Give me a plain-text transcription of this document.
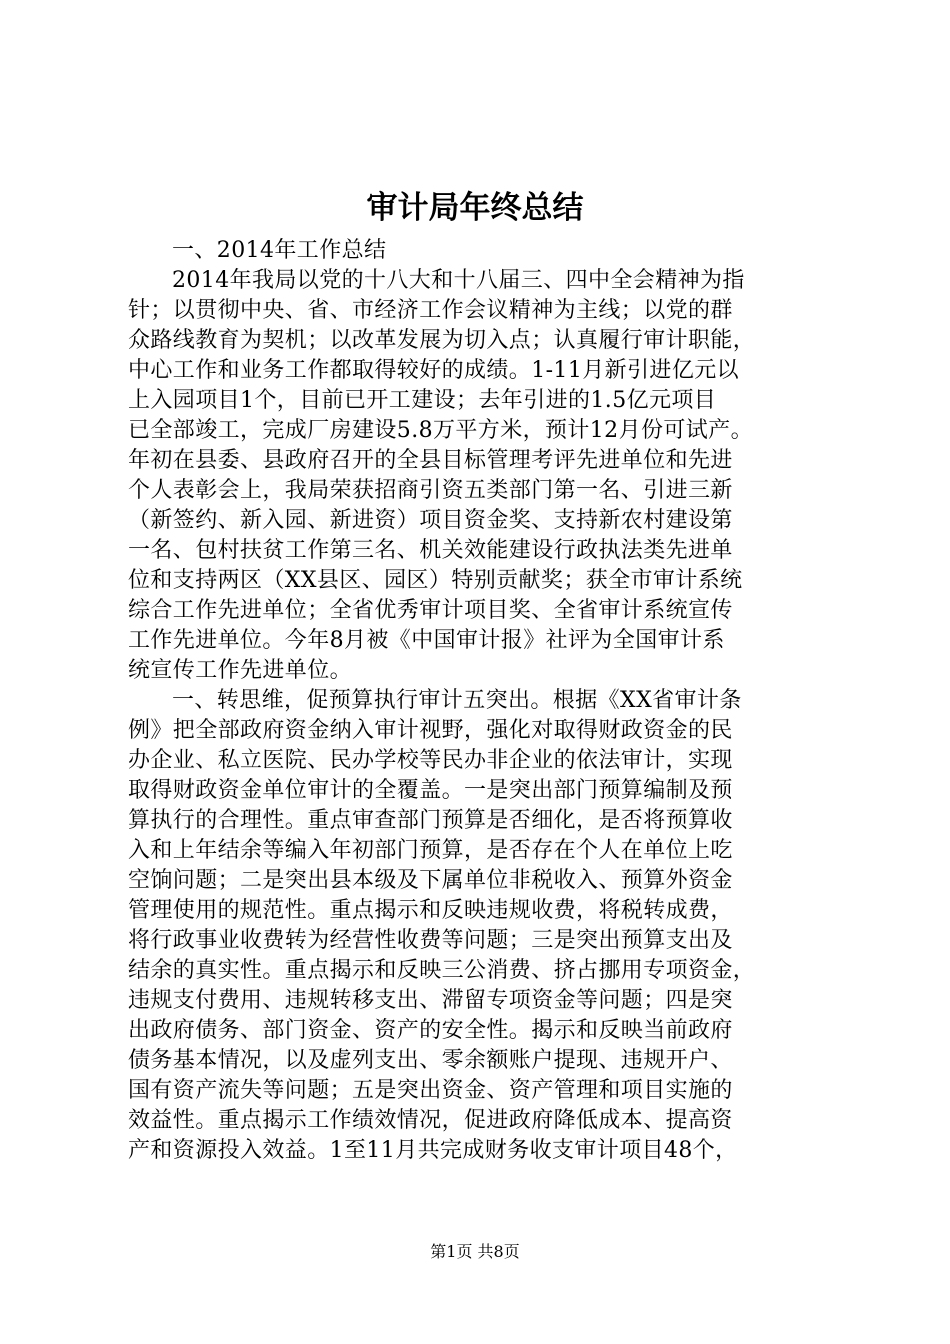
审计局年终总结
一、2014年工作总结
2014年我局以党的十八大和十八届三、四中全会精神为指
针；以贯彻中央、省、市经济工作会议精神为主线；以党的群
众路线教育为契机；以改革发展为切入点；认真履行审计职能，
中心工作和业务工作都取得较好的成绩。1-11月新引进亿元以
上入园项目1个，目前已开工建设；去年引进的1.5亿元项目
已全部竣工，完成厂房建设5.8万平方米，预计12月份可试产。
年初在县委、县政府召开的全县目标管理考评先进单位和先进
个人表彰会上，我局荣获招商引资五类部门第一名、引进三新
（新签约、新入园、新进资）项目资金奖、支持新农村建设第
一名、包村扶贫工作第三名、机关效能建设行政执法类先进单
位和支持两区（XX县区、园区）特别贡献奖；获全市审计系统
综合工作先进单位；全省优秀审计项目奖、全省审计系统宣传
工作先进单位。今年8月被《中国审计报》社评为全国审计系
统宣传工作先进单位。
一、转思维，促预算执行审计五突出。根据《XX省审计条
例》把全部政府资金纳入审计视野，强化对取得财政资金的民
办企业、私立医院、民办学校等民办非企业的依法审计，实现
取得财政资金单位审计的全覆盖。一是突出部门预算编制及预
算执行的合理性。重点审查部门预算是否细化，是否将预算收
入和上年结余等编入年初部门预算，是否存在个人在单位上吃
空饷问题；二是突出县本级及下属单位非税收入、预算外资金
管理使用的规范性。重点揭示和反映违规收费，将税转成费，
将行政事业收费转为经营性收费等问题；三是突出预算支出及
结余的真实性。重点揭示和反映三公消费、挤占挪用专项资金，
违规支付费用、违规转移支出、滞留专项资金等问题；四是突
出政府债务、部门资金、资产的安全性。揭示和反映当前政府
债务基本情况，以及虚列支出、零余额账户提现、违规开户、
国有资产流失等问题；五是突出资金、资产管理和项目实施的
效益性。重点揭示工作绩效情况，促进政府降低成本、提高资
产和资源投入效益。1至11月共完成财务收支审计项目48个，
第1页 共8页
